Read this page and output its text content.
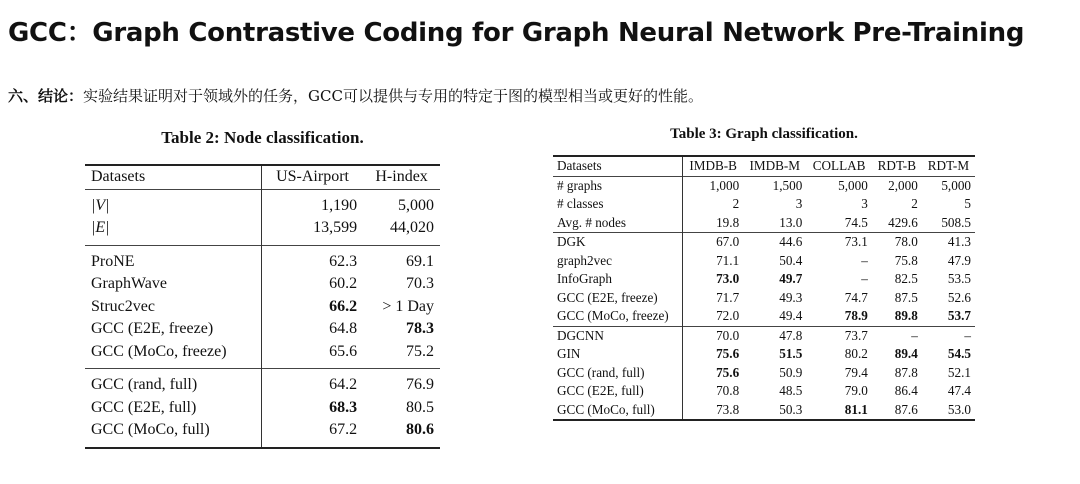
GCC：Graph Contrastive Coding for Graph Neural Network Pre-Training
六、结论：实验结果证明对于领域外的任务，GCC可以提供与专用的特定于图的模型相当或更好的性能。
Table 2: Node classification.
Datasets	US-Airport	H-index
|V|	1,190	5,000
|E|	13,599	44,020
ProNE	62.3	69.1
GraphWave	60.2	70.3
Struc2vec	66.2	> 1 Day
GCC (E2E, freeze)	64.8	78.3
GCC (MoCo, freeze)	65.6	75.2
GCC (rand, full)	64.2	76.9
GCC (E2E, full)	68.3	80.5
GCC (MoCo, full)	67.2	80.6
Table 3: Graph classification.
Datasets	IMDB-B	IMDB-M	COLLAB	RDT-B	RDT-M
# graphs	1,000	1,500	5,000	2,000	5,000
# classes	2	3	3	2	5
Avg. # nodes	19.8	13.0	74.5	429.6	508.5
DGK	67.0	44.6	73.1	78.0	41.3
graph2vec	71.1	50.4	–	75.8	47.9
InfoGraph	73.0	49.7	–	82.5	53.5
GCC (E2E, freeze)	71.7	49.3	74.7	87.5	52.6
GCC (MoCo, freeze)	72.0	49.4	78.9	89.8	53.7
DGCNN	70.0	47.8	73.7	–	–
GIN	75.6	51.5	80.2	89.4	54.5
GCC (rand, full)	75.6	50.9	79.4	87.8	52.1
GCC (E2E, full)	70.8	48.5	79.0	86.4	47.4
GCC (MoCo, full)	73.8	50.3	81.1	87.6	53.0
